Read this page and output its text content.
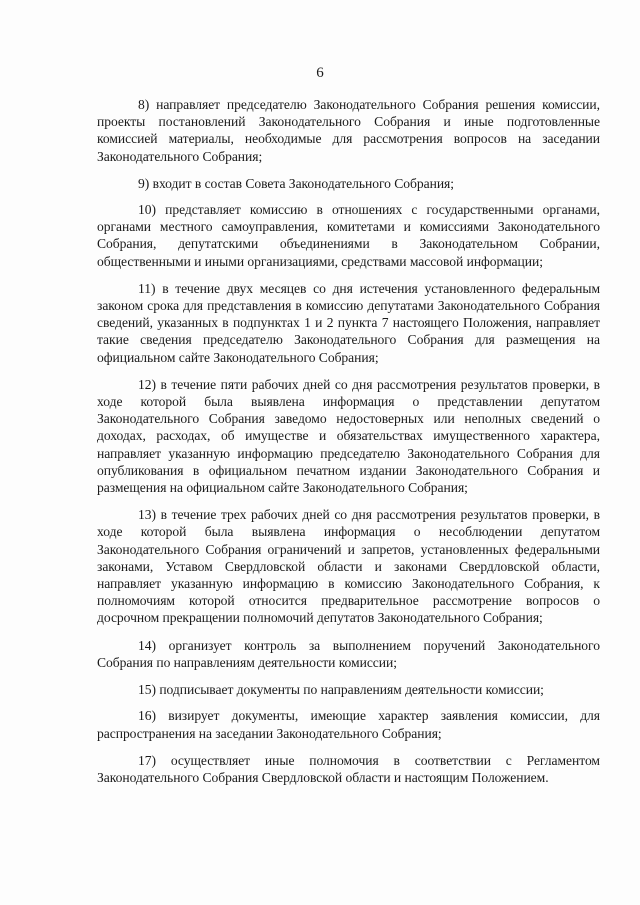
6

8) направляет председателю Законодательного Собрания решения комиссии, проекты постановлений Законодательного Собрания и иные подготовленные комиссией материалы, необходимые для рассмотрения вопросов на заседании Законодательного Собрания;

9) входит в состав Совета Законодательного Собрания;

10) представляет комиссию в отношениях с государственными органами, органами местного самоуправления, комитетами и комиссиями Законодательного Собрания, депутатскими объединениями в Законодательном Собрании, общественными и иными организациями, средствами массовой информации;

11) в течение двух месяцев со дня истечения установленного федеральным законом срока для представления в комиссию депутатами Законодательного Собрания сведений, указанных в подпунктах 1 и 2 пункта 7 настоящего Положения, направляет такие сведения председателю Законодательного Собрания для размещения на официальном сайте Законодательного Собрания;

12) в течение пяти рабочих дней со дня рассмотрения результатов проверки, в ходе которой была выявлена информация о представлении депутатом Законодательного Собрания заведомо недостоверных или неполных сведений о доходах, расходах, об имуществе и обязательствах имущественного характера, направляет указанную информацию председателю Законодательного Собрания для опубликования в официальном печатном издании Законодательного Собрания и размещения на официальном сайте Законодательного Собрания;

13) в течение трех рабочих дней со дня рассмотрения результатов проверки, в ходе которой была выявлена информация о несоблюдении депутатом Законодательного Собрания ограничений и запретов, установленных федеральными законами, Уставом Свердловской области и законами Свердловской области, направляет указанную информацию в комиссию Законодательного Собрания, к полномочиям которой относится предварительное рассмотрение вопросов о досрочном прекращении полномочий депутатов Законодательного Собрания;

14) организует контроль за выполнением поручений Законодательного Собрания по направлениям деятельности комиссии;

15) подписывает документы по направлениям деятельности комиссии;

16) визирует документы, имеющие характер заявления комиссии, для распространения на заседании Законодательного Собрания;

17) осуществляет иные полномочия в соответствии с Регламентом Законодательного Собрания Свердловской области и настоящим Положением.
